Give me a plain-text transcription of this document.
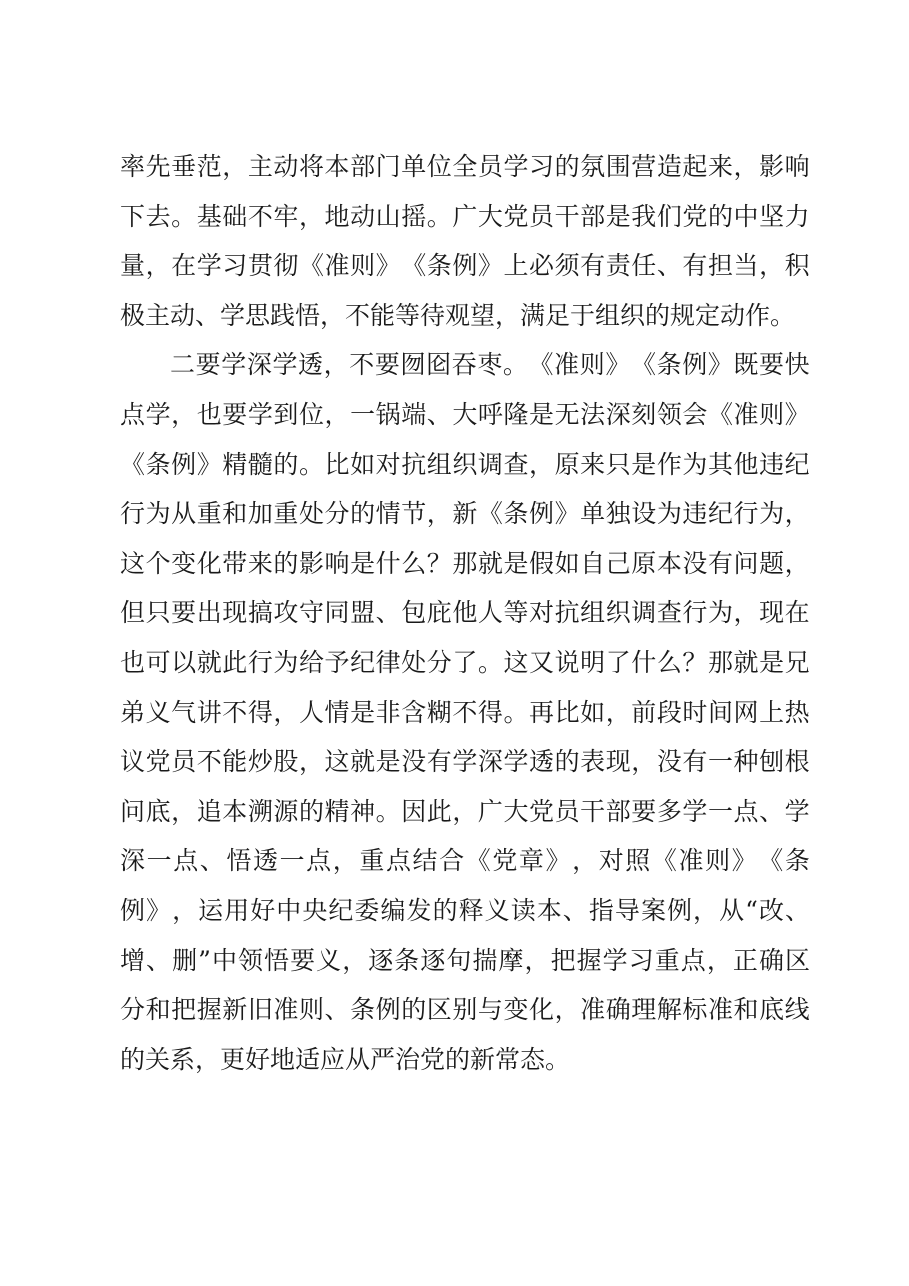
率 先 垂 范 ， 主 动 将 本 部 门 单 位 全 员 学 习 的 氛 围 营 造 起 来 ， 影 响
下 去 。 基 础 不 牢 ， 地 动 山 摇 。 广 大 党 员 干 部 是 我 们 党 的 中 坚 力
量 ， 在 学 习 贯 彻 《 准 则 》 《 条 例 》 上 必 须 有 责 任 、 有 担 当 ， 积
极主动、学思践悟，不能等待观望，满足于组织的规定动作。
二 要 学 深 学 透 ， 不 要 囫 囵 吞 枣 。 《 准 则 》 《 条 例 》 既 要 快
点 学 ， 也 要 学 到 位 ， 一 锅 端 、 大 呼 隆 是 无 法 深 刻 领 会 《 准 则 》
《 条 例 》 精 髓 的 。 比 如 对 抗 组 织 调 查 ， 原 来 只 是 作 为 其 他 违 纪
行 为 从 重 和 加 重 处 分 的 情 节 ， 新 《 条 例 》 单 独 设 为 违 纪 行 为 ，
这 个 变 化 带 来 的 影 响 是 什 么 ？ 那 就 是 假 如 自 己 原 本 没 有 问 题 ，
但 只 要 出 现 搞 攻 守 同 盟 、 包 庇 他 人 等 对 抗 组 织 调 查 行 为 ， 现 在
也 可 以 就 此 行 为 给 予 纪 律 处 分 了 。 这 又 说 明 了 什 么 ？ 那 就 是 兄
弟 义 气 讲 不 得 ， 人 情 是 非 含 糊 不 得 。 再 比 如 ， 前 段 时 间 网 上 热
议 党 员 不 能 炒 股 ， 这 就 是 没 有 学 深 学 透 的 表 现 ， 没 有 一 种 刨 根
问 底 ， 追 本 溯 源 的 精 神 。 因 此 ， 广 大 党 员 干 部 要 多 学 一 点 、 学
深 一 点 、 悟 透 一 点 ， 重 点 结 合 《 党 章 》 ， 对 照 《 准 则 》 《 条
例 》 ， 运 用 好 中 央 纪 委 编 发 的 释 义 读 本 、 指 导 案 例 ， 从 “ 改 、
增 、 删 ” 中 领 悟 要 义 ， 逐 条 逐 句 揣 摩 ， 把 握 学 习 重 点 ， 正 确 区
分 和 把 握 新 旧 准 则 、 条 例 的 区 别 与 变 化 ， 准 确 理 解 标 准 和 底 线
的关系，更好地适应从严治党的新常态。
